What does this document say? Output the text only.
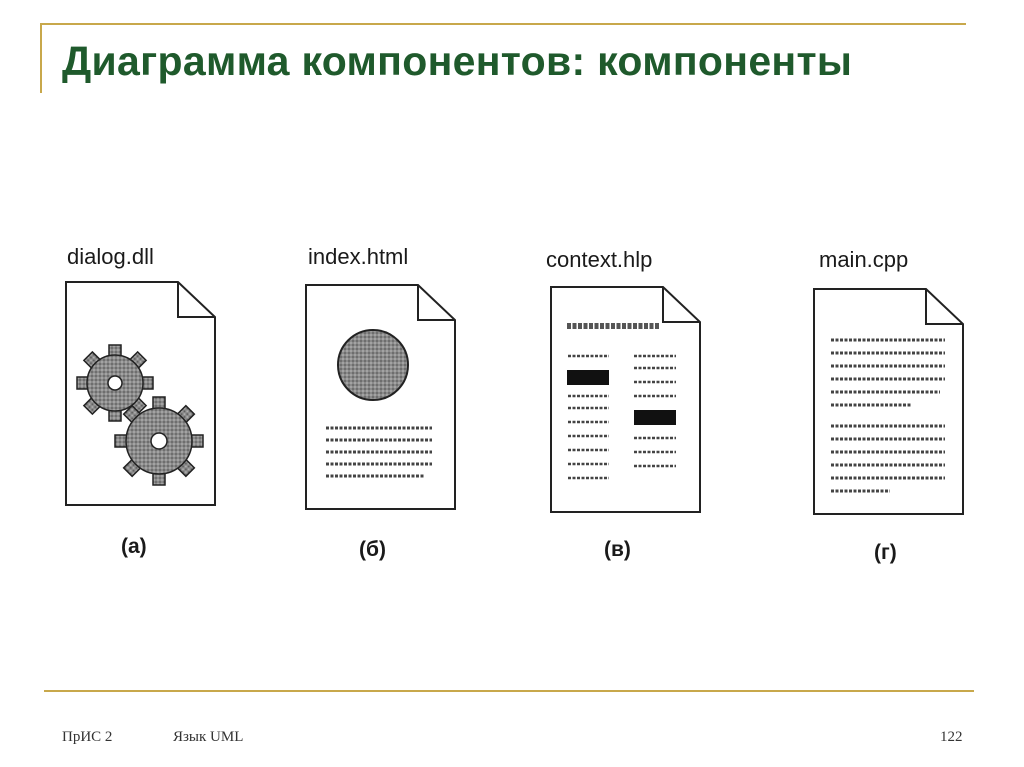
Диаграмма компонентов: компоненты
dialog.dll	index.html	context.hlp	main.cpp
(а)	(б)	(в)	(г)
ПрИС 2	Язык UML	122
